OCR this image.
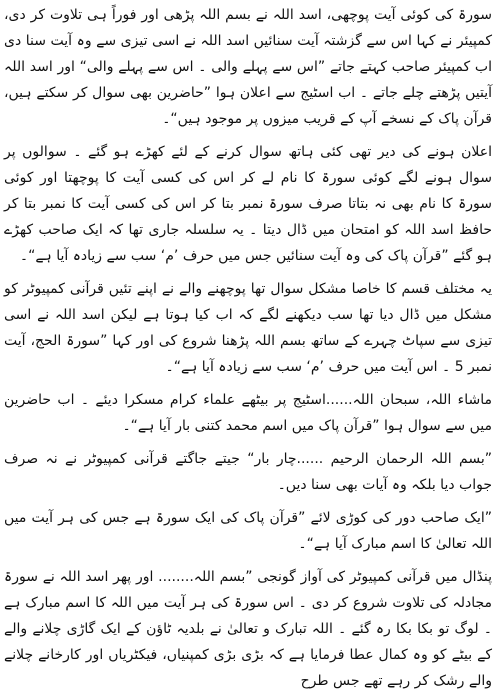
سورۃ کی کوئی آیت پوچھی، اسد اللہ نے بسم اللہ پڑھی اور فوراً ہی تلاوت کر دی، کمپیئر نے کہا اس سے گزشتہ آیت سنائیں اسد اللہ نے اسی تیزی سے وہ آیت سنا دی اب کمپیئر صاحب کہتے جاتے ”اس سے پہلے والی ۔ اس سے پہلے والی“ اور اسد اللہ آیتیں پڑھتے چلے جاتے ۔ اب اسٹیج سے اعلان ہوا ”حاضرین بھی سوال کر سکتے ہیں، قرآن پاک کے نسخے آپ کے قریب میزوں پر موجود ہیں“۔

اعلان ہونے کی دیر تھی کئی ہاتھ سوال کرنے کے لئے کھڑے ہو گئے ۔ سوالوں پر سوال ہونے لگے کوئی سورۃ کا نام لے کر اس کی کسی آیت کا پوچھتا اور کوئی سورۃ کا نام بھی نہ بتاتا صرف سورۃ نمبر بتا کر اس کی کسی آیت کا نمبر بتا کر حافظ اسد اللہ کو امتحان میں ڈال دیتا ۔ یہ سلسلہ جاری تھا کہ ایک صاحب کھڑے ہو گئے ”قرآن پاک کی وہ آیت سنائیں جس میں حرف ’م‘ سب سے زیادہ آیا ہے“۔

یہ مختلف قسم کا خاصا مشکل سوال تھا پوچھنے والے نے اپنے تئیں قرآنی کمپیوٹر کو مشکل میں ڈال دیا تھا سب دیکھنے لگے کہ اب کیا ہوتا ہے لیکن اسد اللہ نے اسی تیزی سے سپاٹ چہرے کے ساتھ بسم اللہ پڑھنا شروع کی اور کہا ”سورۃ الحج، آیت نمبر 5 ۔ اس آیت میں حرف ’م‘ سب سے زیادہ آیا ہے“۔

ماشاء اللہ، سبحان اللہ......اسٹیج پر بیٹھے علماء کرام مسکرا دیئے ۔ اب حاضرین میں سے سوال ہوا ”قرآن پاک میں اسم محمد کتنی بار آیا ہے“۔

”بسم اللہ الرحمان الرحیم ......چار بار“ جیتے جاگتے قرآنی کمپیوٹر نے نہ صرف جواب دیا بلکہ وہ آیات بھی سنا دیں۔

”ایک صاحب دور کی کوڑی لائے ”قرآن پاک کی ایک سورۃ ہے جس کی ہر آیت میں اللہ تعالیٰ کا اسم مبارک آیا ہے“۔

پنڈال میں قرآنی کمپیوٹر کی آواز گونجی ”بسم اللہ........ اور پھر اسد اللہ نے سورۃ مجادلہ کی تلاوت شروع کر دی ۔ اس سورۃ کی ہر آیت میں اللہ کا اسم مبارک ہے ۔ لوگ تو بکا بکا رہ گئے ۔ اللہ تبارک و تعالیٰ نے بلدیہ ٹاؤن کے ایک گاڑی چلانے والے کے بیٹے کو وہ کمال عطا فرمایا ہے کہ بڑی بڑی کمپنیاں، فیکٹریاں اور کارخانے چلانے والے رشک کر رہے تھے جس طرح
